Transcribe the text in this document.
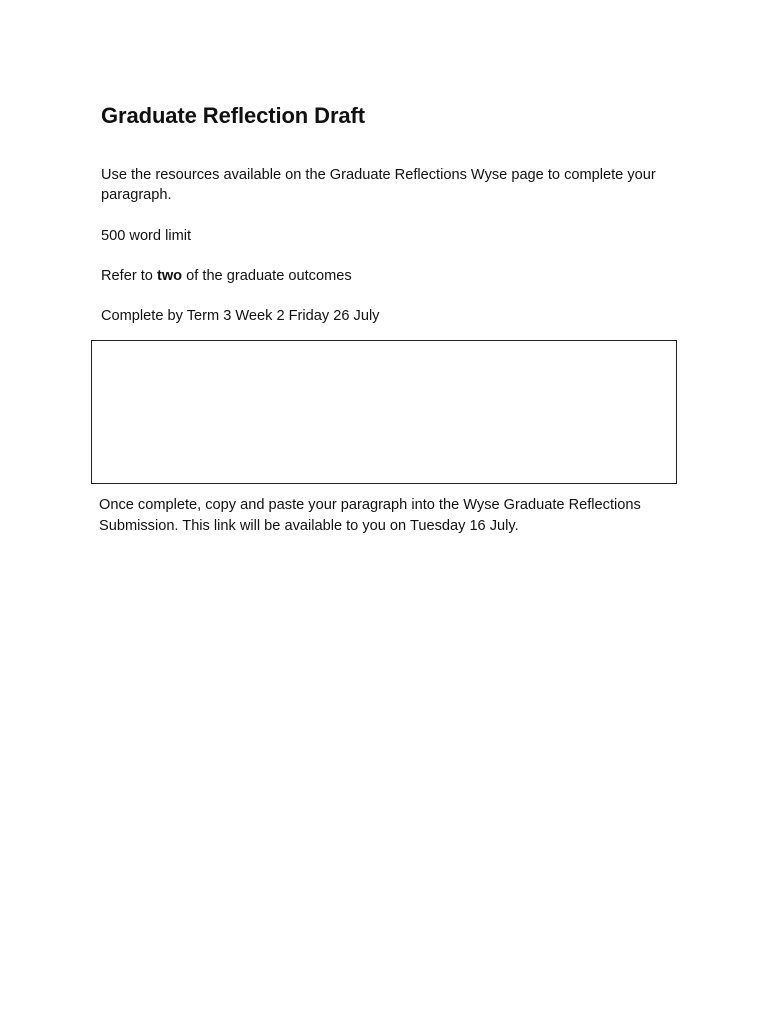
Graduate Reflection Draft

Use the resources available on the Graduate Reflections Wyse page to complete your paragraph.

500 word limit

Refer to two of the graduate outcomes

Complete by Term 3 Week 2 Friday 26 July

Once complete, copy and paste your paragraph into the Wyse Graduate Reflections Submission. This link will be available to you on Tuesday 16 July.
